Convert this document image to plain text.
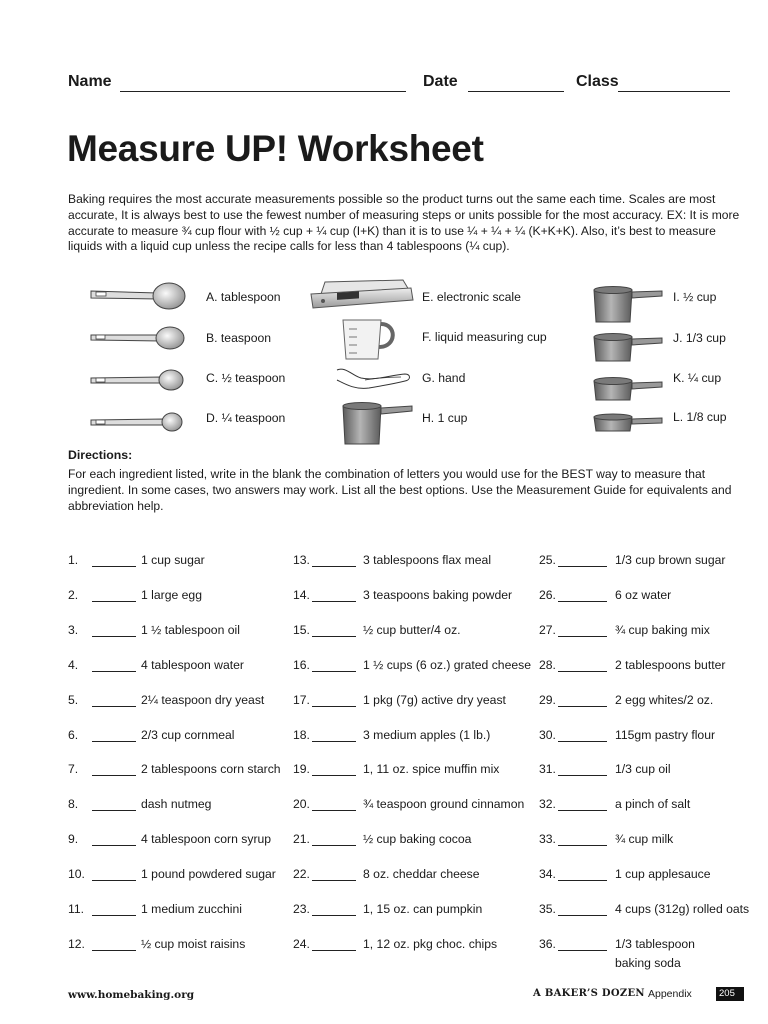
Name	Date	Class
Measure UP! Worksheet

Baking requires the most accurate measurements possible so the product turns out the same each time. Scales are most accurate, It is always best to use the fewest number of measuring steps or units possible for the most accuracy. EX: It is more accurate to measure ¾ cup flour with ½ cup + ¼ cup (I+K) than it is to use ¼ + ¼ + ¼ (K+K+K). Also, it’s best to measure liquids with a liquid cup unless the recipe calls for less than 4 tablespoons (¼ cup).

A. tablespoon
B. teaspoon
C. ½ teaspoon
D. ¼ teaspoon
E. electronic scale
F. liquid measuring cup
G. hand
H. 1 cup
I. ½ cup
J. 1/3 cup
K. ¼ cup
L. 1/8 cup
Directions:

For each ingredient listed, write in the blank the combination of letters you would use for the BEST way to measure that ingredient. In some cases, two answers may work. List all the best options. Use the Measurement Guide for equivalents and abbreviation help.

1.	1 cup sugar
2.	1 large egg
3.	1 ½ tablespoon oil
4.	4 tablespoon water
5.	2¼ teaspoon dry yeast
6.	2/3 cup cornmeal
7.	2 tablespoons corn starch
8.	dash nutmeg
9.	4 tablespoon corn syrup
10.	1 pound powdered sugar
11.	1 medium zucchini
12.	½ cup moist raisins
13.	3 tablespoons flax meal
14.	3 teaspoons baking powder
15.	½ cup butter/4 oz.
16.	1 ½ cups (6 oz.) grated cheese
17.	1 pkg (7g) active dry yeast
18.	3 medium apples (1 lb.)
19.	1, 11 oz. spice muffin mix
20.	¾ teaspoon ground cinnamon
21.	½ cup baking cocoa
22.	8 oz. cheddar cheese
23.	1, 15 oz. can pumpkin
24.	1, 12 oz. pkg choc. chips
25.	1/3 cup brown sugar
26.	6 oz water
27.	¾ cup baking mix
28.	2 tablespoons butter
29.	2 egg whites/2 oz.
30.	115gm pastry flour
31.	1/3 cup oil
32.	a pinch of salt
33.	¾ cup milk
34.	1 cup applesauce
35.	4 cups (312g) rolled oats
36.	1/3 tablespoon
baking soda
www.homebaking.org	A BAKER’S DOZEN Appendix	205
